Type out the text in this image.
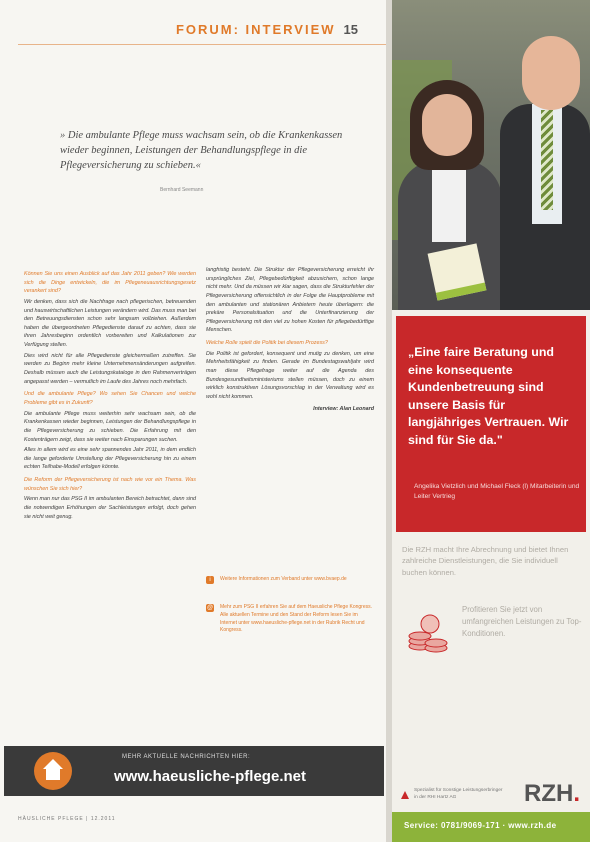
FORUM: INTERVIEW 15
» Die ambulante Pflege muss wachsam sein, ob die Krankenkassen wieder beginnen, Leistungen der Behandlungspflege in die Pflegeversicherung zu schieben.«
Bernhard Seemann

Können Sie uns einen Ausblick auf das Jahr 2011 geben? Wie werden sich die Dinge entwickeln, die im Pflegeneuausrichtungsgesetz verankert sind?

Wir denken, dass sich die Nachfrage nach pflegerischen, betreuenden und hauswirtschaftlichen Leistungen verändern wird. Das muss man bei den Betreuungsdiensten schon sehr langsam vollziehen. Außerdem haben die übergeordneten Pflegedienste darauf zu achten, dass sie ihren Jahresbeginn ordentlich vorbereiten und Kalkulationen zur Verfügung stellen.

Dies wird nicht für alle Pflegedienste gleichermaßen zutreffen. Sie werden zu Beginn mehr kleine Unternehmensänderungen aufgreifen. Deshalb müssen auch die Leistungskataloge in den Rahmenverträgen angepasst werden – vermutlich im Laufe des Jahres noch mehrfach.

Und die ambulante Pflege? Wo sehen Sie Chancen und welche Probleme gibt es in Zukunft?

Die ambulante Pflege muss weiterhin sehr wachsam sein, ob die Krankenkassen wieder beginnen, Leistungen der Behandlungspflege in die Pflegeversicherung zu schieben. Die Erfahrung mit den Kostenträgern zeigt, dass sie weiter nach Einsparungen suchen.

Alles in allem wird es eine sehr spannendes Jahr 2011, in dem endlich die lange geforderte Umstellung der Pflegeversicherung hin zu einem echten Teilhabe-Modell erfolgen könnte.

Die Reform der Pflegeversicherung ist nach wie vor ein Thema. Was wünschen Sie sich hier?

Wenn man nur das PSG II im ambulanten Bereich betrachtet, dann sind die notwendigen Erhöhungen der Sachleistungen erfolgt, doch gehen sie nicht weit genug.

langfristig besteht. Die Struktur der Pflegeversicherung erreicht ihr ursprüngliches Ziel, Pflegebedürftigkeit abzusichern, schon lange nicht mehr. Und da müssen wir klar sagen, dass die Strukturfehler der Pflegeversicherung offensichtlich in der Folge die Hauptprobleme mit den ambulanten und stationären Anbietern heute überlagern: die prekäre Personalsituation und die Unterfinanzierung der Pflegeversicherung mit den viel zu hohen Kosten für pflegebedürftige Menschen.

Welche Rolle spielt die Politik bei diesem Prozess?

Die Politik ist gefordert, konsequent und mutig zu denken, um eine Mehrheitsfähigkeit zu finden. Gerade im Bundestagswahljahr wird man diese Pflegefrage weiter auf die Agenda des Bundesgesundheitsministeriums stellen müssen, doch zu einem wirklich konstruktiven Lösungsvorschlag in der Verwaltung wird es wohl nicht kommen.

Interview: Alan Leonard

i	Weitere Informationen zum Verband unter www.bvaep.de
@ Mehr zum PSG II erfahren Sie auf dem Haeusliche Pflege Kongress. Alle aktuellen Termine und den Stand der Reform lesen Sie im Internet unter www.haeusliche-pflege.net in der Rubrik Recht und Kongress.
MEHR AKTUELLE NACHRICHTEN HIER:
www.haeusliche-pflege.net
HÄUSLICHE PFLEGE | 12.2011
„Eine faire Beratung und eine konsequente Kundenbetreuung sind unsere Basis für langjähriges Vertrauen. Wir sind für Sie da."
Angelika Vietzlich und Michael Fleck (l) Mitarbeiterin und Leiter Vertrieg
Die RZH macht Ihre Abrechnung und bietet Ihnen zahlreiche Dienstleistungen, die Sie individuell buchen können.
Profitieren Sie jetzt von umfangreichen Leistungen zu Top-Konditionen.
Spezialist für Sonstige Leistungserbringer in der RHI Hartz AG	RZH.
Service: 0781/9069-171 · www.rzh.de
